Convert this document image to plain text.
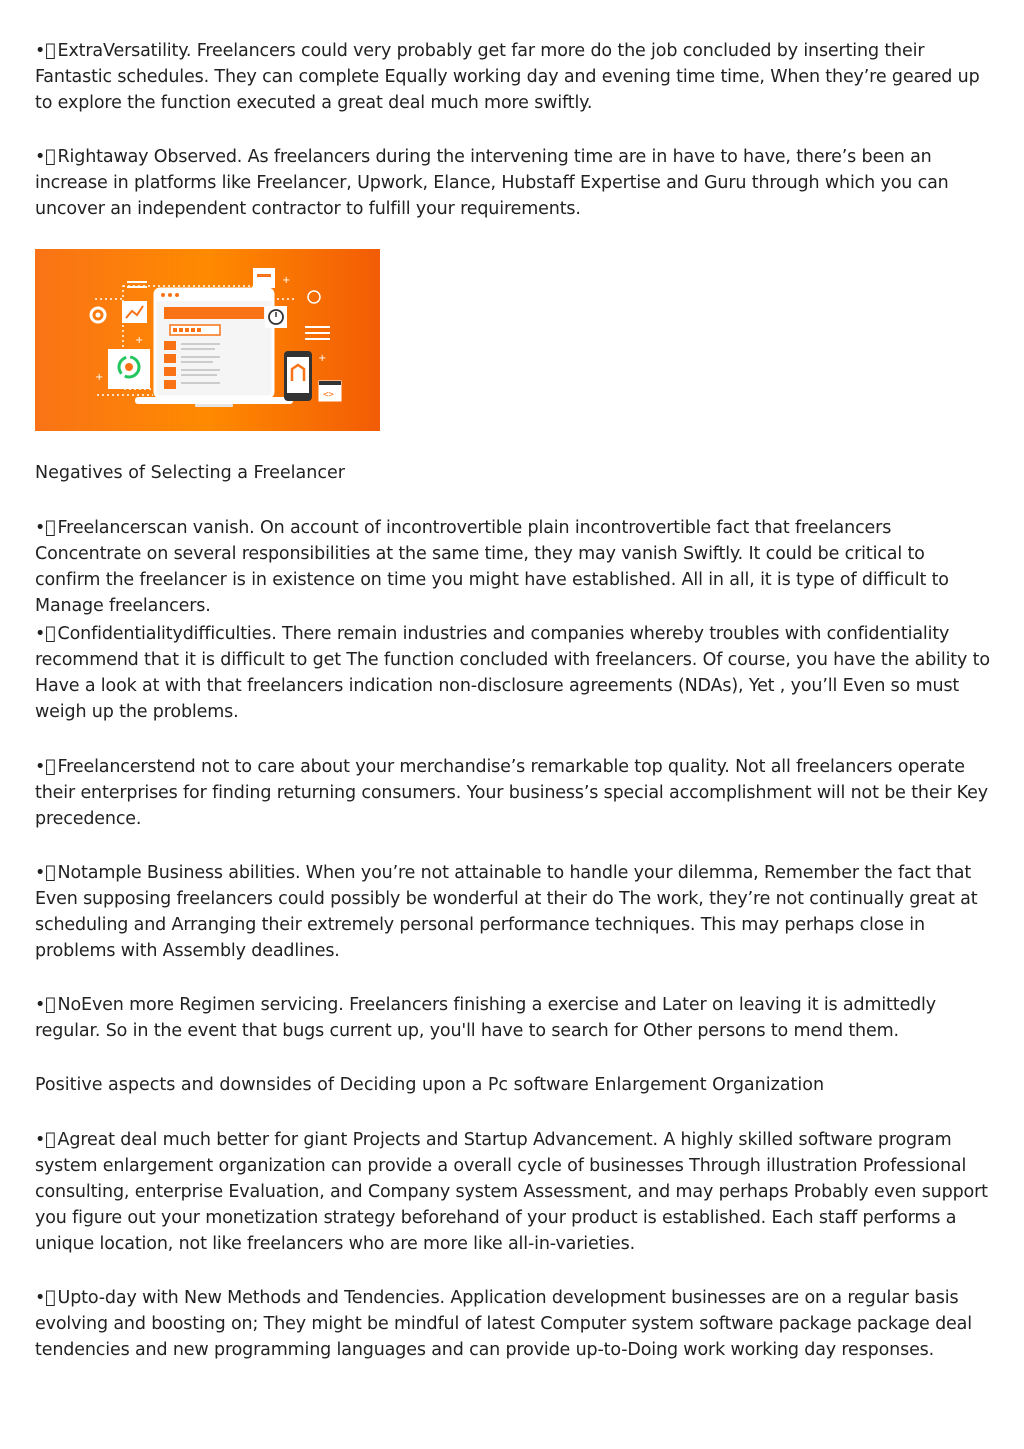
•  ExtraVersatility. Freelancers could very probably get far more do the job concluded by inserting their Fantastic schedules. They can complete Equally working day and evening time time, When they’re geared up to explore the function executed a great deal much more swiftly.

•  Rightaway Observed. As freelancers during the intervening time are in have to have, there’s been an increase in platforms like Freelancer, Upwork, Elance, Hubstaff Expertise and Guru through which you can uncover an independent contractor to fulfill your requirements.

<>
+
+
+
+

Negatives of Selecting a Freelancer

•  Freelancerscan vanish. On account of incontrovertible plain incontrovertible fact that freelancers Concentrate on several responsibilities at the same time, they may vanish Swiftly. It could be critical to confirm the freelancer is in existence on time you might have established. All in all, it is type of difficult to Manage freelancers.

•  Confidentialitydifficulties. There remain industries and companies whereby troubles with confidentiality recommend that it is difficult to get The function concluded with freelancers. Of course, you have the ability to Have a look at with that freelancers indication non-disclosure agreements (NDAs), Yet , you’ll Even so must weigh up the problems.

•  Freelancerstend not to care about your merchandise’s remarkable top quality. Not all freelancers operate their enterprises for finding returning consumers. Your business’s special accomplishment will not be their Key precedence.

•  Notample Business abilities. When you’re not attainable to handle your dilemma, Remember the fact that Even supposing freelancers could possibly be wonderful at their do The work, they’re not continually great at scheduling and Arranging their extremely personal performance techniques. This may perhaps close in problems with Assembly deadlines.

•  NoEven more Regimen servicing. Freelancers finishing a exercise and Later on leaving it is admittedly regular. So in the event that bugs current up, you'll have to search for Other persons to mend them.

Positive aspects and downsides of Deciding upon a Pc software Enlargement Organization

•  Agreat deal much better for giant Projects and Startup Advancement. A highly skilled software program system enlargement organization can provide a overall cycle of businesses Through illustration Professional consulting, enterprise Evaluation, and Company system Assessment, and may perhaps Probably even support you figure out your monetization strategy beforehand of your product is established. Each staff performs a unique location, not like freelancers who are more like all-in-varieties.

•  Upto-day with New Methods and Tendencies. Application development businesses are on a regular basis evolving and boosting on; They might be mindful of latest Computer system software package package deal tendencies and new programming languages and can provide up-to-Doing work working day responses.
